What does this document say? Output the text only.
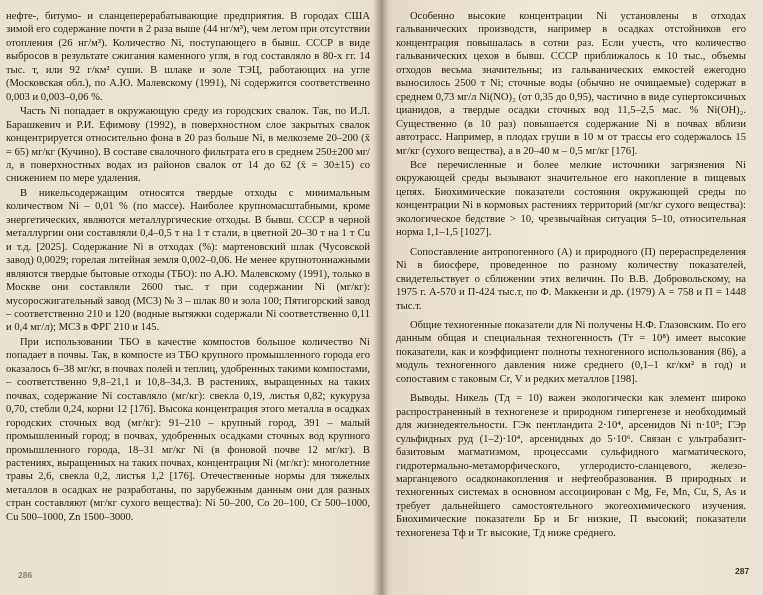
нефте-, битумо- и сланцеперерабатывающие предприятия. В городах США зимой его содержание почти в 2 раза выше (44 нг/м³), чем летом при отсутствии отопления (26 нг/м³). Количество Ni, поступающего в бывш. СССР в виде выбросов в результате сжигания каменного угля, в год составляло в 80-х гг. 14 тыс. т, или 92 г/км² суши. В шлаке и золе ТЭЦ, работающих на угле (Московская обл.), по А.Ю. Малевскому (1991), Ni содержится соответственно 0,003 и 0,003–0,06 %.

Часть Ni попадает в окружающую среду из городских свалок. Так, по И.Л. Барашкевич и Р.И. Ефимову (1992), в поверхностном слое закрытых свалок концентрируется относительно фона в 20 раз больше Ni, в мелкоземе 20–200 (x̄ = 65) мг/кг (Кучино). В составе свалочного фильтрата его в среднем 250±200 мг/л, в поверхностных водах из районов свалок от 14 до 62 (x̄ = 30±15) со снижением по мере удаления.

В никельсодержащим относятся твердые отходы с минимальным количеством Ni – 0,01 % (по массе). Наиболее крупномасштабными, кроме энергетических, являются металлургические отходы. В бывш. СССР в черной металлургии они составляли 0,4–0,5 т на 1 т стали, в цветной 20–30 т на 1 т Cu и т.д. [2025]. Содержание Ni в отходах (%): мартеновский шлак (Чусовской завод) 0,0029; горелая литейная земля 0,002–0,06. Не менее крупнотоннажными являются твердые бытовые отходы (ТБО): по А.Ю. Малевскому (1991), только в Москве они составляли 2600 тыс. т при содержании Ni (мг/кг): мусоросжигательный завод (МСЗ) № 3 – шлак 80 и зола 100; Пятигорский завод – соответственно 210 и 120 (водные вытяжки содержали Ni соответственно 0,11 и 0,4 мг/л); МСЗ в ФРГ 210 и 145.

При использовании ТБО в качестве компостов большое количество Ni попадает в почвы. Так, в компосте из ТБО крупного промышленного города его оказалось 6–38 мг/кг, в почвах полей и теплиц, удобренных такими компостами, – соответственно 9,8–21,1 и 10,8–34,3. В растениях, выращенных на таких почвах, содержание Ni составляло (мг/кг): свекла 0,19, листья 0,82; кукуруза 0,70, стебли 0,24, корни 12 [176]. Высока концентрация этого металла в осадках городских сточных вод (мг/кг): 91–210 – крупный город, 391 – малый промышленный город; в почвах, удобренных осадками сточных вод крупного промышленного города, 18–31 мг/кг Ni (в фоновой почве 12 мг/кг). В растениях, выращенных на таких почвах, концентрация Ni (мг/кг): многолетние травы 2,6, свекла 0,2, листья 1,2 [176]. Отечественные нормы для тяжелых металлов в осадках не разработаны, по зарубежным данным они для разных стран составляют (мг/кг сухого вещества): Ni 50–200, Co 20–100, Cr 500–1000, Cu 500–1000, Zn 1500–3000.

Особенно высокие концентрации Ni установлены в отходах гальванических производств, например в осадках отстойников его концентрация повышалась в сотни раз. Если учесть, что количество гальванических цехов в бывш. СССР приближалось к 10 тыс., объемы отходов весьма значительны; из гальванических емкостей ежегодно выносилось 2500 т Ni; сточные воды (обычно не очищаемые) содержат в среднем 0,73 мг/л Ni(NO)₂ (от 0,35 до 0,95), частично в виде супертоксичных цианидов, а твердые осадки сточных вод 11,5–2,5 мас. % Ni(OH)₂. Существенно (в 10 раз) повышается содержание Ni в почвах вблизи автотрасс. Например, в плодах груши в 10 м от трассы его содержалось 15 мг/кг (сухого вещества), а в 20–40 м – 0,5 мг/кг [176].

Все перечисленные и более мелкие источники загрязнения Ni окружающей среды вызывают значительное его накопление в пищевых цепях. Биохимические показатели состояния окружающей среды по концентрации Ni в кормовых растениях территорий (мг/кг сухого вещества): экологическое бедствие > 10, чрезвычайная ситуация 5–10, относительная норма 1,1–1,5 [1027].

Сопоставление антропогенного (А) и природного (П) перераспределения Ni в биосфере, проведенное по разному количеству показателей, свидетельствует о сближении этих величин. По В.В. Добровольскому, на 1975 г. А-570 и П-424 тыс.т, по Ф. Маккензи и др. (1979) А = 758 и П = 1448 тыс.т.

Общие техногенные показатели для Ni получены Н.Ф. Глазовским. По его данным общая и специальная техногенность (Tт = 10⁸) имеет высокие показатели, как и коэффициент полноты техногенного использования (86), а модуль техногенного давления ниже среднего (0,1–1 кг/км² в год) и сопоставим с таковым Cr, V и редких металлов [198].

Выводы. Никель (Tд = 10) важен экологически как элемент широко распространенный в техногенезе и природном гипергенезе и необходимый для жизнедеятельности. ГЭк пентландита 2·10⁴, арсенидов Ni n·10⁵; ГЭр сульфидных руд (1–2)·10⁴, арсенидных до 5·10⁶. Связан с ультрабазит-базитовым магматизмом, процессами сульфидного магматического, гидротермально-метаморфического, углеродисто-сланцевого, железо-марганцевого осадконакопления и нефтеобразования. В природных и техногенных системах в основном ассоциирован с Mg, Fe, Mn, Cu, S, As и требует дальнейшего самостоятельного экогеохимического изучения. Биохимические показатели Бр и Бг низкие, П высокий; показатели техногенеза Tф и Tг высокие, Tд ниже среднего.

286	287
